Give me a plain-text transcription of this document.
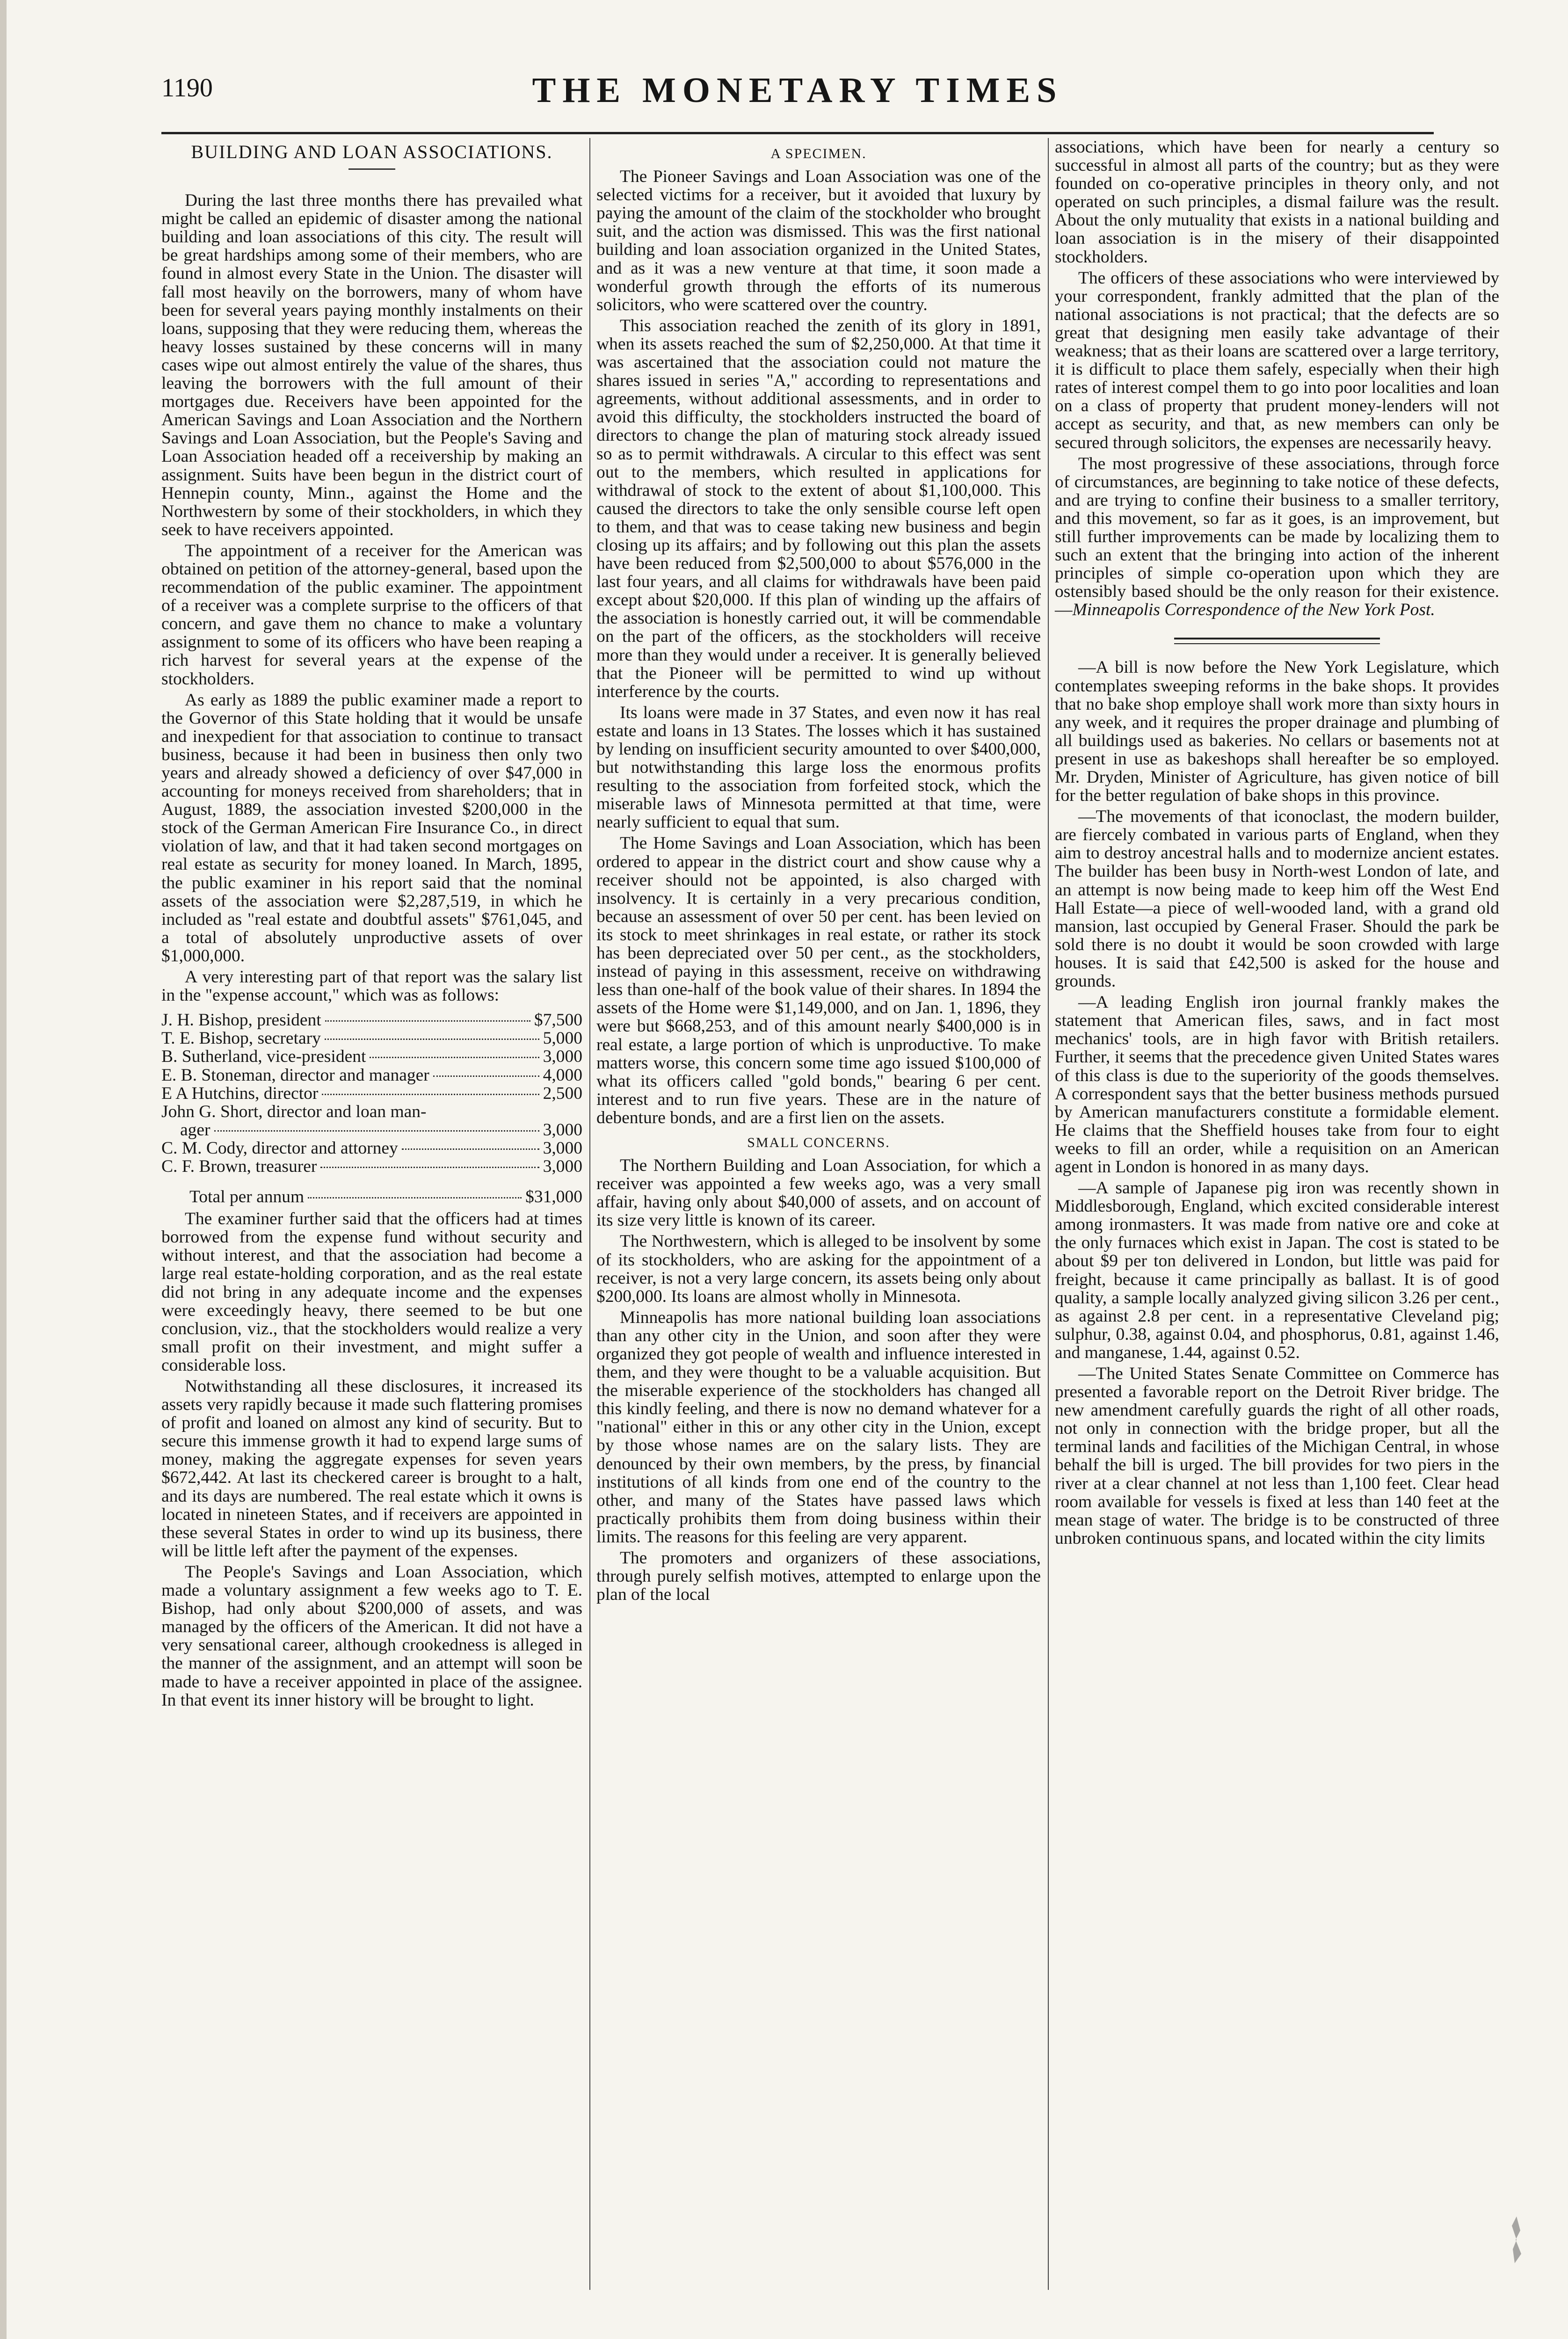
1190	THE MONETARY TIMES
BUILDING AND LOAN ASSOCIATIONS.

During the last three months there has prevailed what might be called an epidemic of disaster among the national building and loan associations of this city. The result will be great hardships among some of their members, who are found in almost every State in the Union. The disaster will fall most heavily on the borrowers, many of whom have been for several years paying monthly instalments on their loans, supposing that they were reducing them, whereas the heavy losses sustained by these concerns will in many cases wipe out almost entirely the value of the shares, thus leaving the borrowers with the full amount of their mortgages due. Receivers have been appointed for the American Savings and Loan Association and the Northern Savings and Loan Association, but the People's Saving and Loan Association headed off a receivership by making an assignment. Suits have been begun in the district court of Hennepin county, Minn., against the Home and the Northwestern by some of their stockholders, in which they seek to have receivers appointed.

The appointment of a receiver for the American was obtained on petition of the attorney-general, based upon the recommendation of the public examiner. The appointment of a receiver was a complete surprise to the officers of that concern, and gave them no chance to make a voluntary assignment to some of its officers who have been reaping a rich harvest for several years at the expense of the stockholders.

As early as 1889 the public examiner made a report to the Governor of this State holding that it would be unsafe and inexpedient for that association to continue to transact business, because it had been in business then only two years and already showed a deficiency of over $47,000 in accounting for moneys received from shareholders; that in August, 1889, the association invested $200,000 in the stock of the German American Fire Insurance Co., in direct violation of law, and that it had taken second mortgages on real estate as security for money loaned. In March, 1895, the public examiner in his report said that the nominal assets of the association were $2,287,519, in which he included as "real estate and doubtful assets" $761,045, and a total of absolutely unproductive assets of over $1,000,000.

A very interesting part of that report was the salary list in the "expense account," which was as follows:

J. H. Bishop, president	$7,500
T. E. Bishop, secretary	5,000
B. Sutherland, vice-president	3,000
E. B. Stoneman, director and manager	4,000
E A Hutchins, director	2,500
John G. Short, director and loan man-
ager	3,000
C. M. Cody, director and attorney	3,000
C. F. Brown, treasurer	3,000
Total per annum	$31,000

The examiner further said that the officers had at times borrowed from the expense fund without security and without interest, and that the association had become a large real estate-holding corporation, and as the real estate did not bring in any adequate income and the expenses were exceedingly heavy, there seemed to be but one conclusion, viz., that the stockholders would realize a very small profit on their investment, and might suffer a considerable loss.

Notwithstanding all these disclosures, it increased its assets very rapidly because it made such flattering promises of profit and loaned on almost any kind of security. But to secure this immense growth it had to expend large sums of money, making the aggregate expenses for seven years $672,442. At last its checkered career is brought to a halt, and its days are numbered. The real estate which it owns is located in nineteen States, and if receivers are appointed in these several States in order to wind up its business, there will be little left after the payment of the expenses.

The People's Savings and Loan Association, which made a voluntary assignment a few weeks ago to T. E. Bishop, had only about $200,000 of assets, and was managed by the officers of the American. It did not have a very sensational career, although crookedness is alleged in the manner of the assignment, and an attempt will soon be made to have a receiver appointed in place of the assignee. In that event its inner history will be brought to light.

A SPECIMEN.

The Pioneer Savings and Loan Association was one of the selected victims for a receiver, but it avoided that luxury by paying the amount of the claim of the stockholder who brought suit, and the action was dismissed. This was the first national building and loan association organized in the United States, and as it was a new venture at that time, it soon made a wonderful growth through the efforts of its numerous solicitors, who were scattered over the country.

This association reached the zenith of its glory in 1891, when its assets reached the sum of $2,250,000. At that time it was ascertained that the association could not mature the shares issued in series "A," according to representations and agreements, without additional assessments, and in order to avoid this difficulty, the stockholders instructed the board of directors to change the plan of maturing stock already issued so as to permit withdrawals. A circular to this effect was sent out to the members, which resulted in applications for withdrawal of stock to the extent of about $1,100,000. This caused the directors to take the only sensible course left open to them, and that was to cease taking new business and begin closing up its affairs; and by following out this plan the assets have been reduced from $2,500,000 to about $576,000 in the last four years, and all claims for withdrawals have been paid except about $20,000. If this plan of winding up the affairs of the association is honestly carried out, it will be commendable on the part of the officers, as the stockholders will receive more than they would under a receiver. It is generally believed that the Pioneer will be permitted to wind up without interference by the courts.

Its loans were made in 37 States, and even now it has real estate and loans in 13 States. The losses which it has sustained by lending on insufficient security amounted to over $400,000, but notwithstanding this large loss the enormous profits resulting to the association from forfeited stock, which the miserable laws of Minnesota permitted at that time, were nearly sufficient to equal that sum.

The Home Savings and Loan Association, which has been ordered to appear in the district court and show cause why a receiver should not be appointed, is also charged with insolvency. It is certainly in a very precarious condition, because an assessment of over 50 per cent. has been levied on its stock to meet shrinkages in real estate, or rather its stock has been depreciated over 50 per cent., as the stockholders, instead of paying in this assessment, receive on withdrawing less than one-half of the book value of their shares. In 1894 the assets of the Home were $1,149,000, and on Jan. 1, 1896, they were but $668,253, and of this amount nearly $400,000 is in real estate, a large portion of which is unproductive. To make matters worse, this concern some time ago issued $100,000 of what its officers called "gold bonds," bearing 6 per cent. interest and to run five years. These are in the nature of debenture bonds, and are a first lien on the assets.

SMALL CONCERNS.

The Northern Building and Loan Association, for which a receiver was appointed a few weeks ago, was a very small affair, having only about $40,000 of assets, and on account of its size very little is known of its career.

The Northwestern, which is alleged to be insolvent by some of its stockholders, who are asking for the appointment of a receiver, is not a very large concern, its assets being only about $200,000. Its loans are almost wholly in Minnesota.

Minneapolis has more national building loan associations than any other city in the Union, and soon after they were organized they got people of wealth and influence interested in them, and they were thought to be a valuable acquisition. But the miserable experience of the stockholders has changed all this kindly feeling, and there is now no demand whatever for a "national" either in this or any other city in the Union, except by those whose names are on the salary lists. They are denounced by their own members, by the press, by financial institutions of all kinds from one end of the country to the other, and many of the States have passed laws which practically prohibits them from doing business within their limits. The reasons for this feeling are very apparent.

The promoters and organizers of these associations, through purely selfish motives, attempted to enlarge upon the plan of the local

associations, which have been for nearly a century so successful in almost all parts of the country; but as they were founded on co-operative principles in theory only, and not operated on such principles, a dismal failure was the result. About the only mutuality that exists in a national building and loan association is in the misery of their disappointed stockholders.

The officers of these associations who were interviewed by your correspondent, frankly admitted that the plan of the national associations is not practical; that the defects are so great that designing men easily take advantage of their weakness; that as their loans are scattered over a large territory, it is difficult to place them safely, especially when their high rates of interest compel them to go into poor localities and loan on a class of property that prudent money-lenders will not accept as security, and that, as new members can only be secured through solicitors, the expenses are necessarily heavy.

The most progressive of these associations, through force of circumstances, are beginning to take notice of these defects, and are trying to confine their business to a smaller territory, and this movement, so far as it goes, is an improvement, but still further improvements can be made by localizing them to such an extent that the bringing into action of the inherent principles of simple co-operation upon which they are ostensibly based should be the only reason for their existence.—Minneapolis Correspondence of the New York Post.

—A bill is now before the New York Legislature, which contemplates sweeping reforms in the bake shops. It provides that no bake shop employe shall work more than sixty hours in any week, and it requires the proper drainage and plumbing of all buildings used as bakeries. No cellars or basements not at present in use as bakeshops shall hereafter be so employed. Mr. Dryden, Minister of Agriculture, has given notice of bill for the better regulation of bake shops in this province.

—The movements of that iconoclast, the modern builder, are fiercely combated in various parts of England, when they aim to destroy ancestral halls and to modernize ancient estates. The builder has been busy in North-west London of late, and an attempt is now being made to keep him off the West End Hall Estate—a piece of well-wooded land, with a grand old mansion, last occupied by General Fraser. Should the park be sold there is no doubt it would be soon crowded with large houses. It is said that £42,500 is asked for the house and grounds.

—A leading English iron journal frankly makes the statement that American files, saws, and in fact most mechanics' tools, are in high favor with British retailers. Further, it seems that the precedence given United States wares of this class is due to the superiority of the goods themselves. A correspondent says that the better business methods pursued by American manufacturers constitute a formidable element. He claims that the Sheffield houses take from four to eight weeks to fill an order, while a requisition on an American agent in London is honored in as many days.

—A sample of Japanese pig iron was recently shown in Middlesborough, England, which excited considerable interest among ironmasters. It was made from native ore and coke at the only furnaces which exist in Japan. The cost is stated to be about $9 per ton delivered in London, but little was paid for freight, because it came principally as ballast. It is of good quality, a sample locally analyzed giving silicon 3.26 per cent., as against 2.8 per cent. in a representative Cleveland pig; sulphur, 0.38, against 0.04, and phosphorus, 0.81, against 1.46, and manganese, 1.44, against 0.52.

—The United States Senate Committee on Commerce has presented a favorable report on the Detroit River bridge. The new amendment carefully guards the right of all other roads, not only in connection with the bridge proper, but all the terminal lands and facilities of the Michigan Central, in whose behalf the bill is urged. The bill provides for two piers in the river at a clear channel at not less than 1,100 feet. Clear head room available for vessels is fixed at less than 140 feet at the mean stage of water. The bridge is to be constructed of three unbroken continuous spans, and located within the city limits
